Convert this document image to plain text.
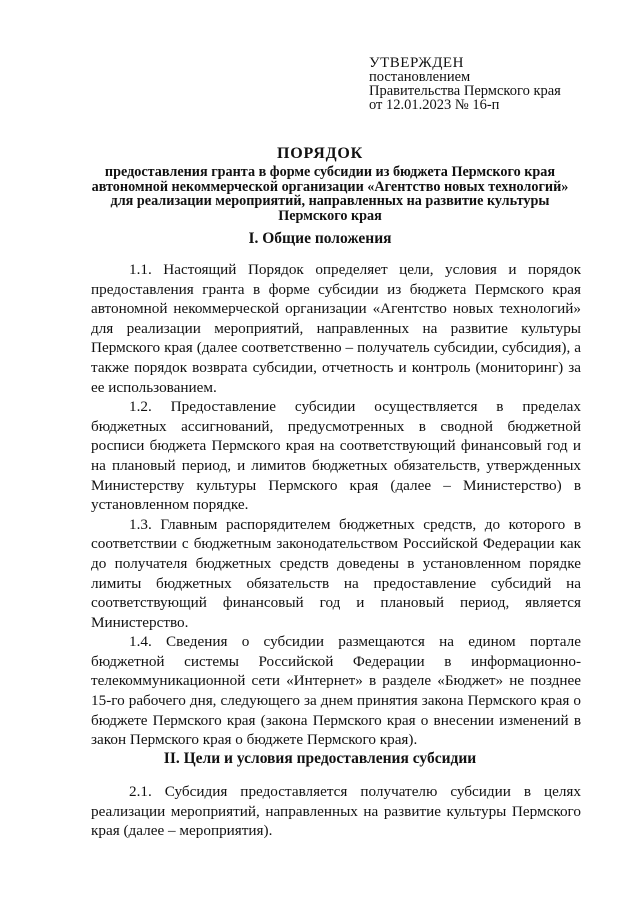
УТВЕРЖДЕН
постановлением
Правительства Пермского края
от 12.01.2023 № 16-п
ПОРЯДОК
предоставления гранта в форме субсидии из бюджета Пермского края автономной некоммерческой организации «Агентство новых технологий» для реализации мероприятий, направленных на развитие культуры Пермского края
I. Общие положения

1.1. Настоящий Порядок определяет цели, условия и порядок предоставления гранта в форме субсидии из бюджета Пермского края автономной некоммерческой организации «Агентство новых технологий» для реализации мероприятий, направленных на развитие культуры Пермского края (далее соответственно – получатель субсидии, субсидия), а также порядок возврата субсидии, отчетность и контроль (мониторинг) за ее использованием.

1.2. Предоставление субсидии осуществляется в пределах бюджетных ассигнований, предусмотренных в сводной бюджетной росписи бюджета Пермского края на соответствующий финансовый год и на плановый период, и лимитов бюджетных обязательств, утвержденных Министерству культуры Пермского края (далее – Министерство) в установленном порядке.

1.3. Главным распорядителем бюджетных средств, до которого в соответствии с бюджетным законодательством Российской Федерации как до получателя бюджетных средств доведены в установленном порядке лимиты бюджетных обязательств на предоставление субсидий на соответствующий финансовый год и плановый период, является Министерство.

1.4. Сведения о субсидии размещаются на едином портале бюджетной системы Российской Федерации в информационно-телекоммуникационной сети «Интернет» в разделе «Бюджет» не позднее 15-го рабочего дня, следующего за днем принятия закона Пермского края о бюджете Пермского края (закона Пермского края о внесении изменений в закон Пермского края о бюджете Пермского края).

II. Цели и условия предоставления субсидии

2.1. Субсидия предоставляется получателю субсидии в целях реализации мероприятий, направленных на развитие культуры Пермского края (далее – мероприятия).
